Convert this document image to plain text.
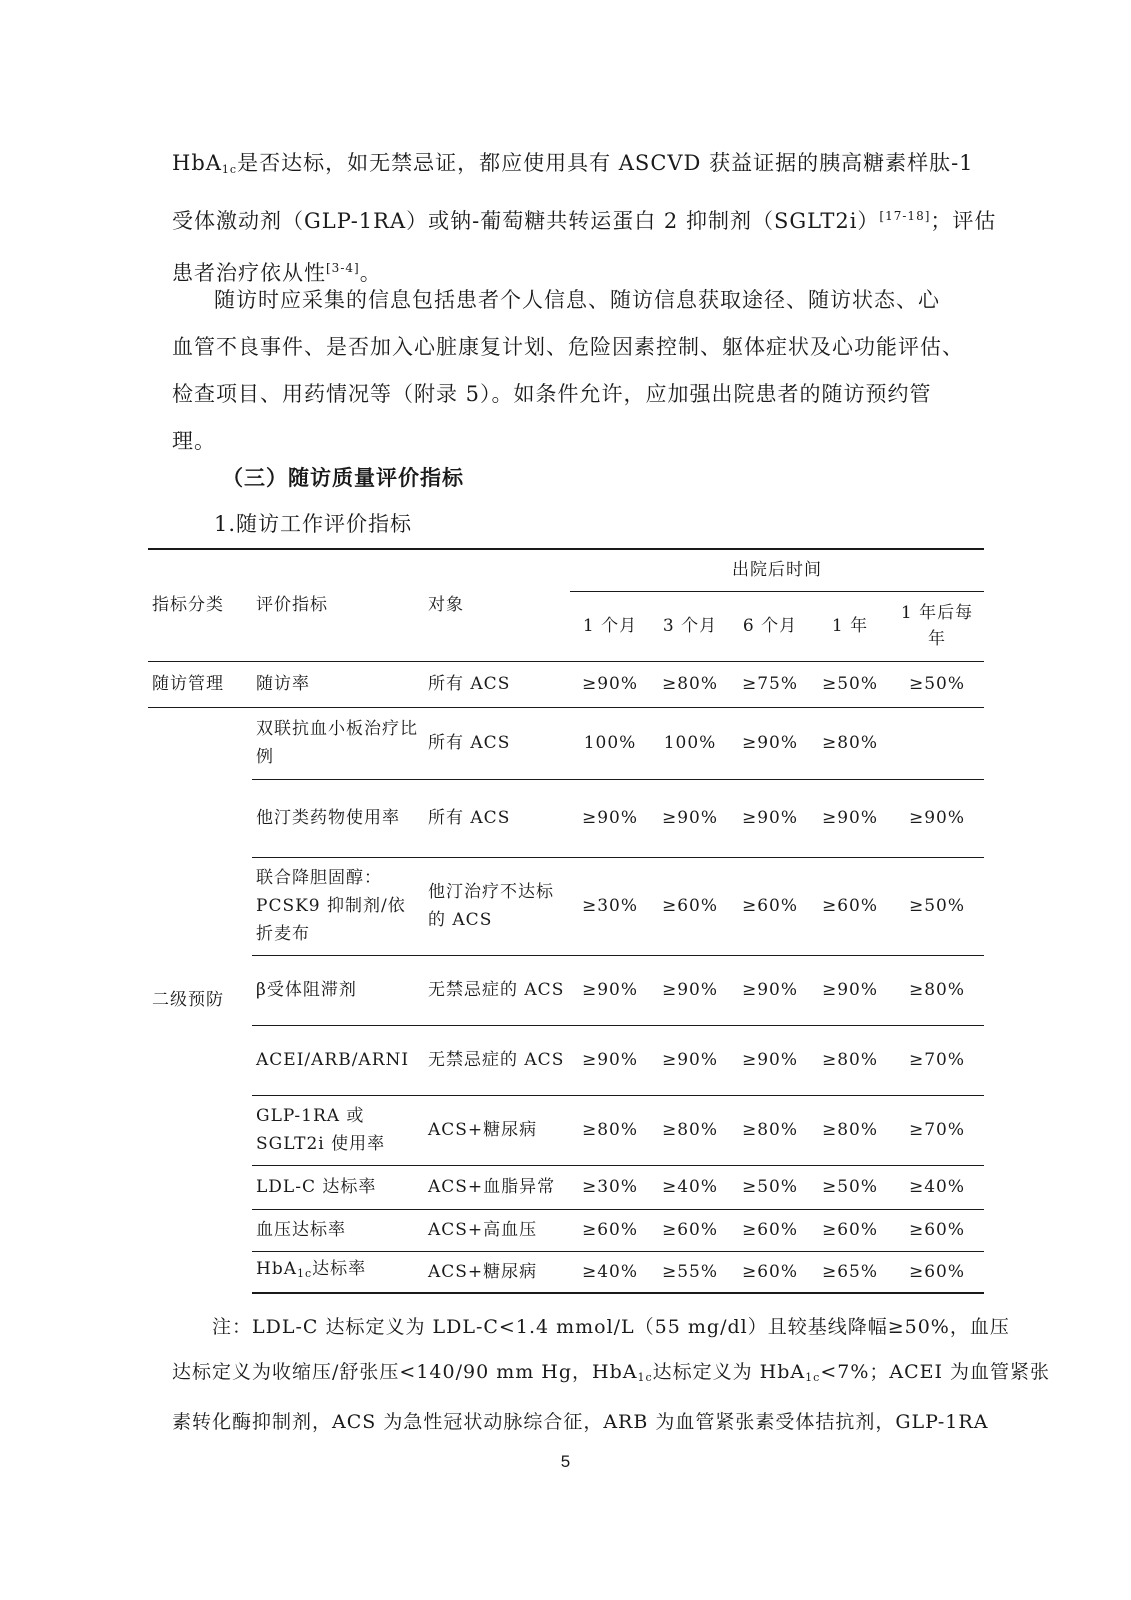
HbA$_{1c}$是否达标，如无禁忌证，都应使用具有 ASCVD 获益证据的胰高糖素样肽-1
受体激动剂（GLP-1RA）或钠-葡萄糖共转运蛋白 2 抑制剂（SGLT2i）[17-18]；评估
患者治疗依从性[3-4]。
随访时应采集的信息包括患者个人信息、随访信息获取途径、随访状态、心
血管不良事件、是否加入心脏康复计划、危险因素控制、躯体症状及心功能评估、
检查项目、用药情况等（附录 5）。如条件允许，应加强出院患者的随访预约管
理。
（三）随访质量评价指标
1.随访工作评价指标
指标分类	评价指标	对象	出院后时间				
			1 个月	3 个月	6 个月	1 年	1 年后每年
随访管理	随访率	所有 ACS	≥90%	≥80%	≥75%	≥50%	≥50%
二级预防	双联抗血小板治疗比例	所有 ACS	100%	100%	≥90%	≥80%	
	他汀类药物使用率	所有 ACS	≥90%	≥90%	≥90%	≥90%	≥90%
	联合降胆固醇：PCSK9 抑制剂/依折麦布	他汀治疗不达标的 ACS	≥30%	≥60%	≥60%	≥60%	≥50%
	β受体阻滞剂	无禁忌症的 ACS	≥90%	≥90%	≥90%	≥90%	≥80%
	ACEI/ARB/ARNI	无禁忌症的 ACS	≥90%	≥90%	≥90%	≥80%	≥70%
	GLP-1RA 或 SGLT2i 使用率	ACS+糖尿病	≥80%	≥80%	≥80%	≥80%	≥70%
	LDL-C 达标率	ACS+血脂异常	≥30%	≥40%	≥50%	≥50%	≥40%
	血压达标率	ACS+高血压	≥60%	≥60%	≥60%	≥60%	≥60%
	HbA$_{1c}$达标率	ACS+糖尿病	≥40%	≥55%	≥60%	≥65%	≥60%
注：LDL-C 达标定义为 LDL-C<1.4 mmol/L（55 mg/dl）且较基线降幅≥50%，血压
达标定义为收缩压/舒张压<140/90 mm Hg，HbA$_{1c}$达标定义为 HbA$_{1c}$<7%；ACEI 为血管紧张
素转化酶抑制剂，ACS 为急性冠状动脉综合征，ARB 为血管紧张素受体拮抗剂，GLP-1RA
5
